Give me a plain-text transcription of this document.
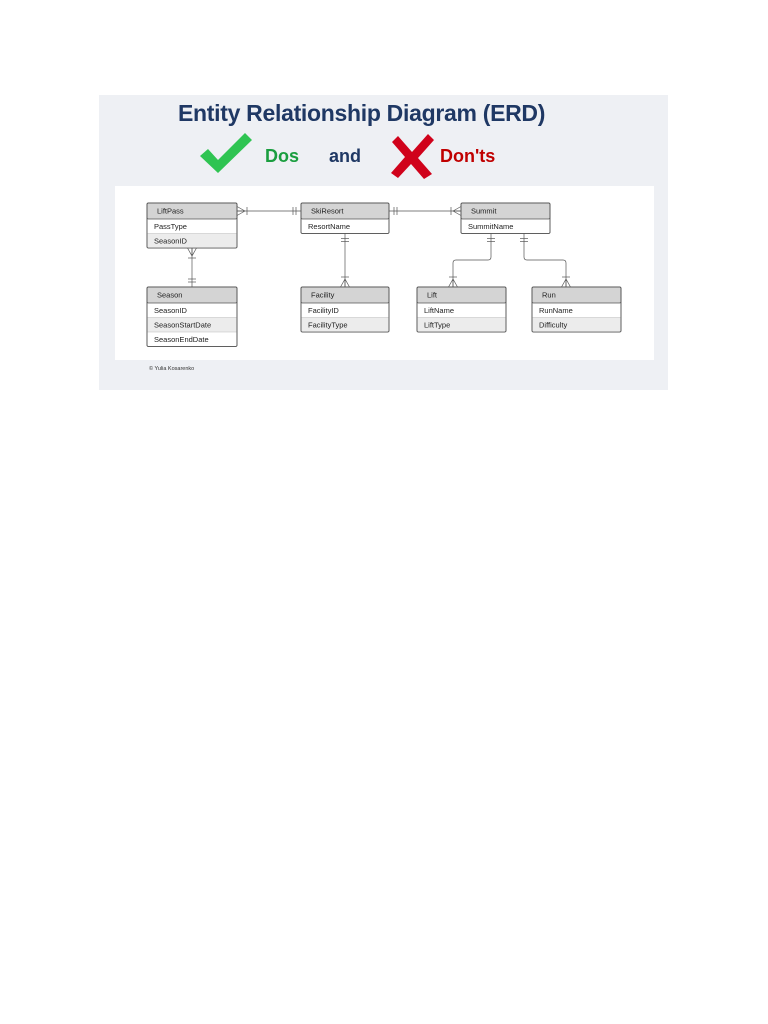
Entity Relationship Diagram (ERD)
Dos and	Don'ts
LiftPass
PassType
SeasonID
SkiResort
ResortName
Summit
SummitName
Season
SeasonID
SeasonStartDate
SeasonEndDate
Facility
FacilityID
FacilityType
Lift
LiftName
LiftType
Run
RunName
Difficulty
© Yulia Kosarenko
